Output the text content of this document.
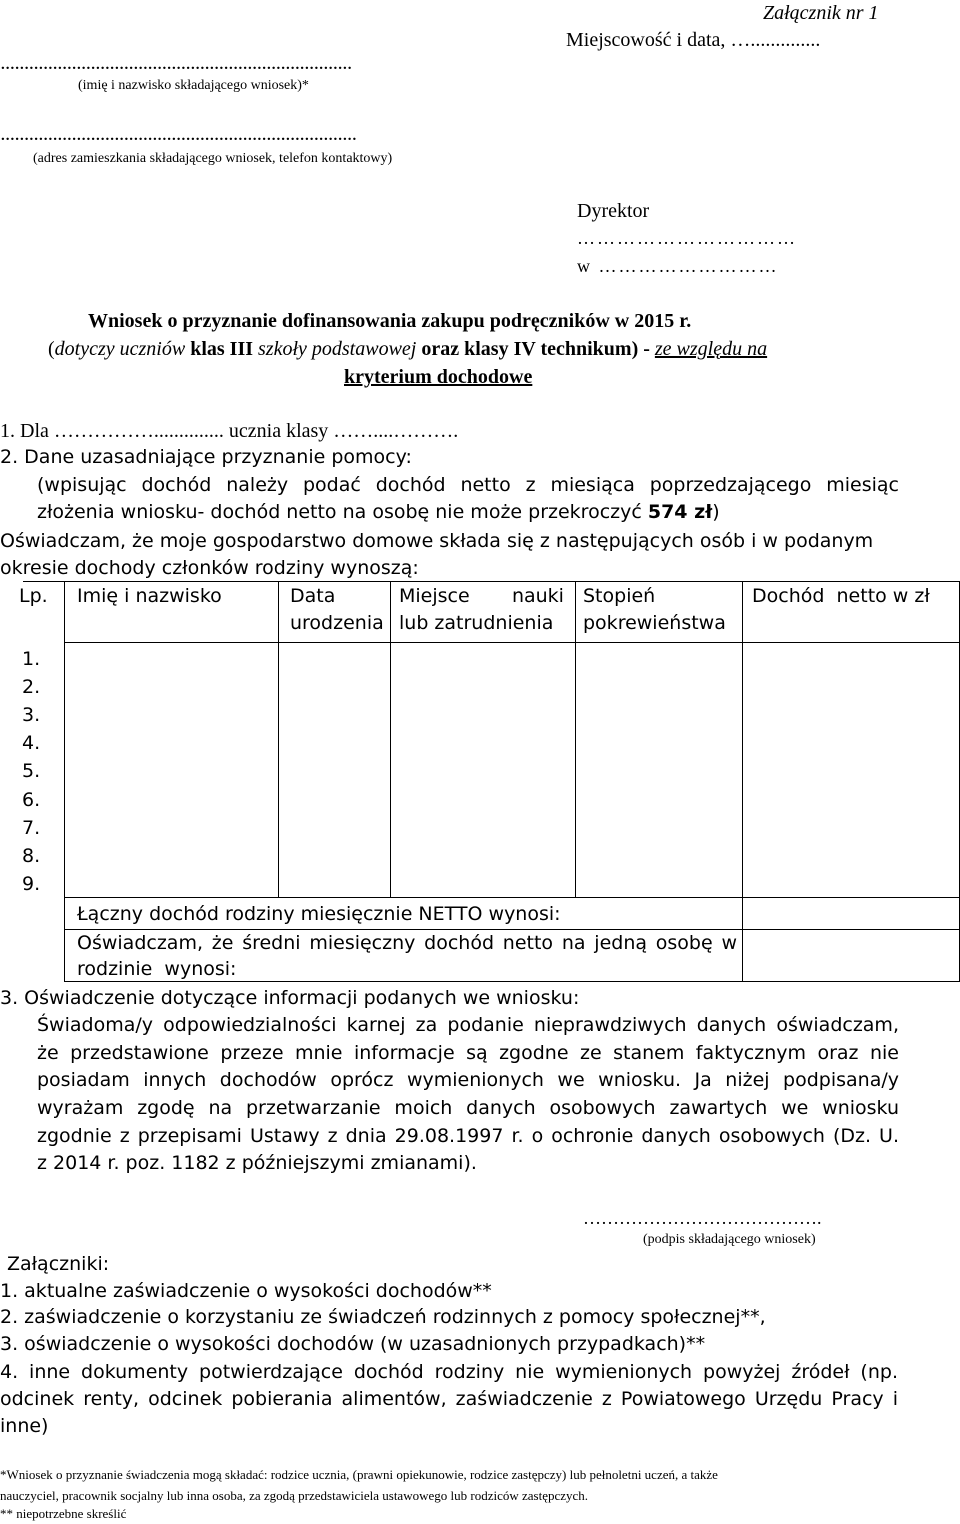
Załącznik nr 1
Miejscowość i data, …..............
..........................................................................
(imię i nazwisko składającego wniosek)*
...........................................................................
(adres zamieszkania składającego wniosek, telefon kontaktowy)
Dyrektor
……………………………
w ………………………
Wniosek o przyznanie dofinansowania zakupu podręczników w 2015 r.
(dotyczy uczniów klas III szkoły podstawowej oraz klasy IV technikum) - ze względu na
kryterium dochodowe
1. Dla …………….............. ucznia klasy ……....……….
2. Dane uzasadniające przyznanie pomocy:
(wpisując dochód należy podać dochód netto z miesiąca poprzedzającego miesiąc
złożenia wniosku- dochód netto na osobę nie może przekroczyć 574 zł)
Oświadczam, że moje gospodarstwo domowe składa się z następujących osób i w podanym
okresie dochody członków rodziny wynoszą:
Lp. Imię i nazwisko	Data
urodzenia
Miejsce       nauki
lub zatrudnienia
Stopień
pokrewieństwa
Dochód  netto w zł
1.
2.
3.
4.
5.
6.
7.
8.
9.
Łączny dochód rodziny miesięcznie NETTO wynosi:
Oświadczam, że średni miesięczny dochód netto na jedną osobę w
rodzinie  wynosi:
3. Oświadczenie dotyczące informacji podanych we wniosku:
Świadoma/y odpowiedzialności karnej za podanie nieprawdziwych danych oświadczam,
że przedstawione przeze mnie informacje są zgodne ze stanem faktycznym oraz nie
posiadam innych dochodów oprócz wymienionych we wniosku. Ja niżej podpisana/y
wyrażam zgodę na przetwarzanie moich danych osobowych zawartych we wniosku
zgodnie z przepisami Ustawy z dnia 29.08.1997 r. o ochronie danych osobowych (Dz. U.
z 2014 r. poz. 1182 z późniejszymi zmianami).
………………………………….
(podpis składającego wniosek)
Załączniki:
1. aktualne zaświadczenie o wysokości dochodów**
2. zaświadczenie o korzystaniu ze świadczeń rodzinnych z pomocy społecznej**,
3. oświadczenie o wysokości dochodów (w uzasadnionych przypadkach)**
4. inne dokumenty potwierdzające dochód rodziny nie wymienionych powyżej źródeł (np.
odcinek renty, odcinek pobierania alimentów, zaświadczenie z Powiatowego Urzędu Pracy i
inne)
*Wniosek o przyznanie świadczenia mogą składać: rodzice ucznia, (prawni opiekunowie, rodzice zastępczy) lub pełnoletni uczeń, a także
nauczyciel, pracownik socjalny lub inna osoba, za zgodą przedstawiciela ustawowego lub rodziców zastępczych.
** niepotrzebne skreślić
